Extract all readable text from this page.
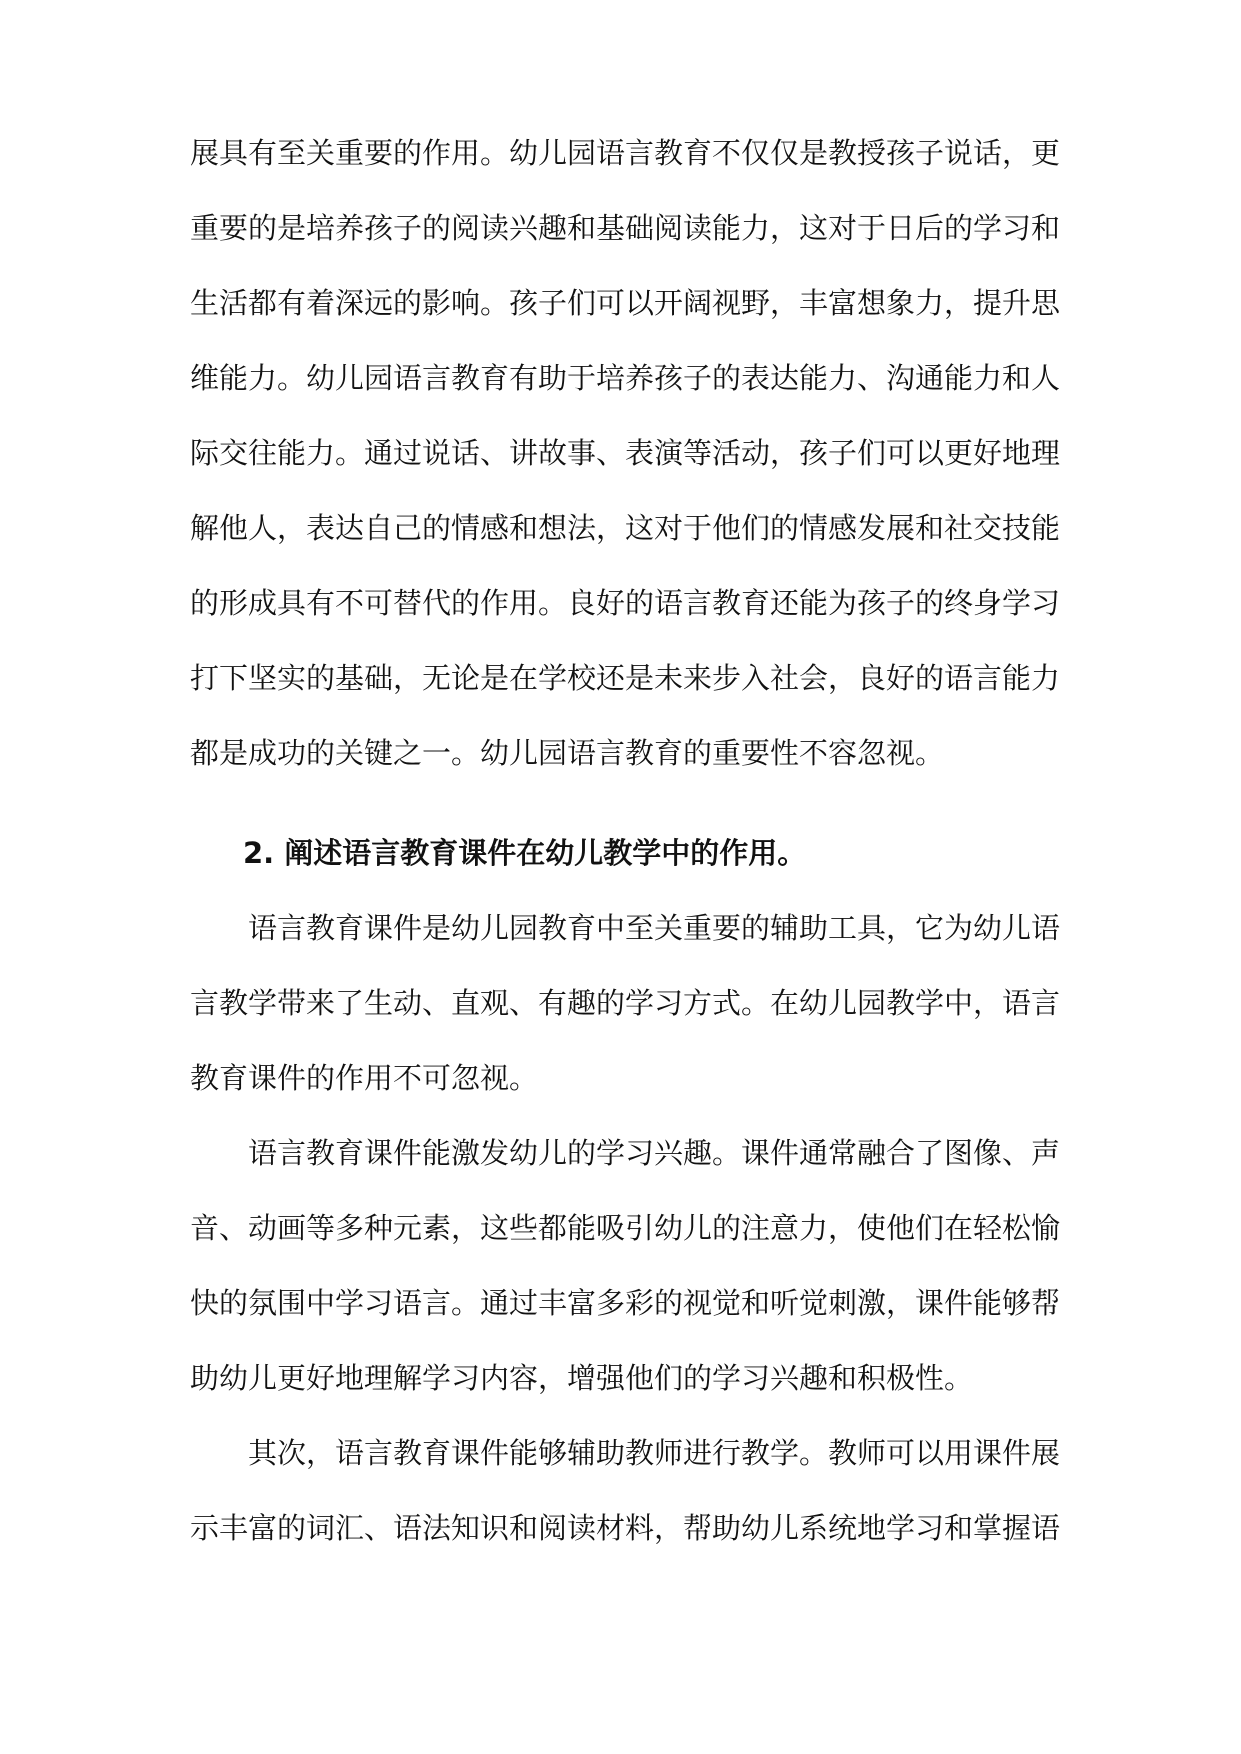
展具有至关重要的作用。幼儿园语言教育不仅仅是教授孩子说话，更
重要的是培养孩子的阅读兴趣和基础阅读能力，这对于日后的学习和
生活都有着深远的影响。孩子们可以开阔视野，丰富想象力，提升思
维能力。幼儿园语言教育有助于培养孩子的表达能力、沟通能力和人
际交往能力。通过说话、讲故事、表演等活动，孩子们可以更好地理
解他人，表达自己的情感和想法，这对于他们的情感发展和社交技能
的形成具有不可替代的作用。良好的语言教育还能为孩子的终身学习
打下坚实的基础，无论是在学校还是未来步入社会，良好的语言能力
都是成功的关键之一。幼儿园语言教育的重要性不容忽视。
2. 阐述语言教育课件在幼儿教学中的作用。
语言教育课件是幼儿园教育中至关重要的辅助工具，它为幼儿语
言教学带来了生动、直观、有趣的学习方式。在幼儿园教学中，语言
教育课件的作用不可忽视。
语言教育课件能激发幼儿的学习兴趣。课件通常融合了图像、声
音、动画等多种元素，这些都能吸引幼儿的注意力，使他们在轻松愉
快的氛围中学习语言。通过丰富多彩的视觉和听觉刺激，课件能够帮
助幼儿更好地理解学习内容，增强他们的学习兴趣和积极性。
其次，语言教育课件能够辅助教师进行教学。教师可以用课件展
示丰富的词汇、语法知识和阅读材料，帮助幼儿系统地学习和掌握语
